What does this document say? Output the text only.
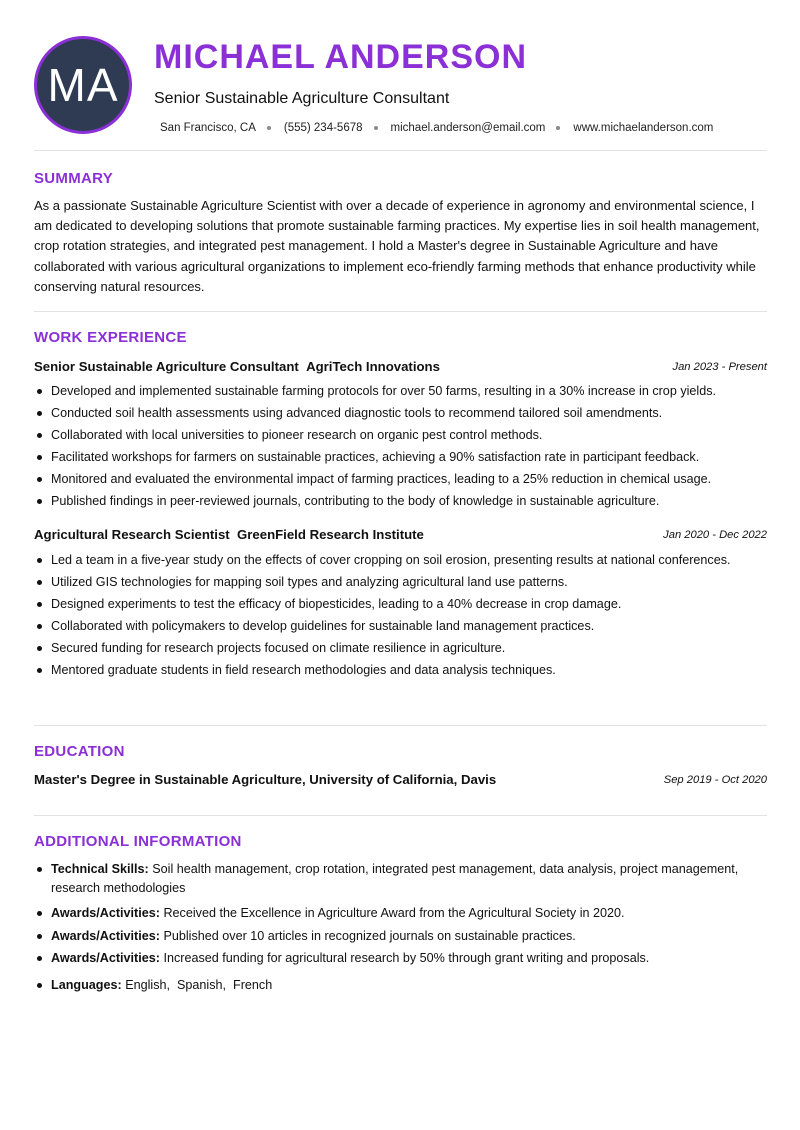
MA
MICHAEL ANDERSON
Senior Sustainable Agriculture Consultant
San Francisco, CA (555) 234-5678 michael.anderson@email.com www.michaelanderson.com
SUMMARY

As a passionate Sustainable Agriculture Scientist with over a decade of experience in agronomy and environmental science, I am dedicated to developing solutions that promote sustainable farming practices. My expertise lies in soil health management, crop rotation strategies, and integrated pest management. I hold a Master's degree in Sustainable Agriculture and have collaborated with various agricultural organizations to implement eco-friendly farming methods that enhance productivity while conserving natural resources.

WORK EXPERIENCE
Senior Sustainable Agriculture Consultant AgriTech Innovations	Jan 2023 - Present
Developed and implemented sustainable farming protocols for over 50 farms, resulting in a 30% increase in crop yields.
Conducted soil health assessments using advanced diagnostic tools to recommend tailored soil amendments.
Collaborated with local universities to pioneer research on organic pest control methods.
Facilitated workshops for farmers on sustainable practices, achieving a 90% satisfaction rate in participant feedback.
Monitored and evaluated the environmental impact of farming practices, leading to a 25% reduction in chemical usage.
Published findings in peer-reviewed journals, contributing to the body of knowledge in sustainable agriculture.
Agricultural Research Scientist GreenField Research Institute	Jan 2020 - Dec 2022
Led a team in a five-year study on the effects of cover cropping on soil erosion, presenting results at national conferences.
Utilized GIS technologies for mapping soil types and analyzing agricultural land use patterns.
Designed experiments to test the efficacy of biopesticides, leading to a 40% decrease in crop damage.
Collaborated with policymakers to develop guidelines for sustainable land management practices.
Secured funding for research projects focused on climate resilience in agriculture.
Mentored graduate students in field research methodologies and data analysis techniques.
EDUCATION
Master's Degree in Sustainable Agriculture, University of California, Davis	Sep 2019 - Oct 2020
ADDITIONAL INFORMATION
Technical Skills: Soil health management, crop rotation, integrated pest management, data analysis, project management, research methodologies
Awards/Activities: Received the Excellence in Agriculture Award from the Agricultural Society in 2020.
Awards/Activities: Published over 10 articles in recognized journals on sustainable practices.
Awards/Activities: Increased funding for agricultural research by 50% through grant writing and proposals.
Languages: English,  Spanish,  French
